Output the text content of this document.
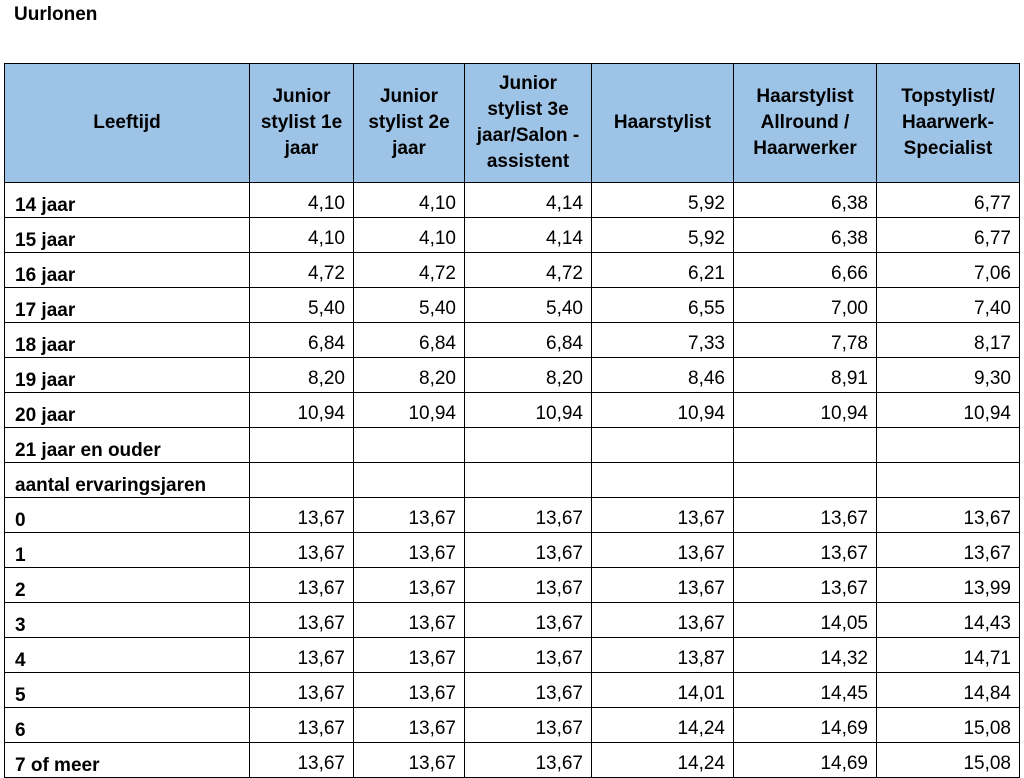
Uurlonen
Leeftijd	Junior stylist 1e jaar	Junior stylist 2e jaar	Junior stylist 3e jaar/Salon -assistent	Haarstylist	Haarstylist Allround / Haarwerker	Topstylist/ Haarwerk-Specialist
14 jaar	4,10	4,10	4,14	5,92	6,38	6,77
15 jaar	4,10	4,10	4,14	5,92	6,38	6,77
16 jaar	4,72	4,72	4,72	6,21	6,66	7,06
17 jaar	5,40	5,40	5,40	6,55	7,00	7,40
18 jaar	6,84	6,84	6,84	7,33	7,78	8,17
19 jaar	8,20	8,20	8,20	8,46	8,91	9,30
20 jaar	10,94	10,94	10,94	10,94	10,94	10,94
21 jaar en ouder						
aantal ervaringsjaren						
0	13,67	13,67	13,67	13,67	13,67	13,67
1	13,67	13,67	13,67	13,67	13,67	13,67
2	13,67	13,67	13,67	13,67	13,67	13,99
3	13,67	13,67	13,67	13,67	14,05	14,43
4	13,67	13,67	13,67	13,87	14,32	14,71
5	13,67	13,67	13,67	14,01	14,45	14,84
6	13,67	13,67	13,67	14,24	14,69	15,08
7 of meer	13,67	13,67	13,67	14,24	14,69	15,08
